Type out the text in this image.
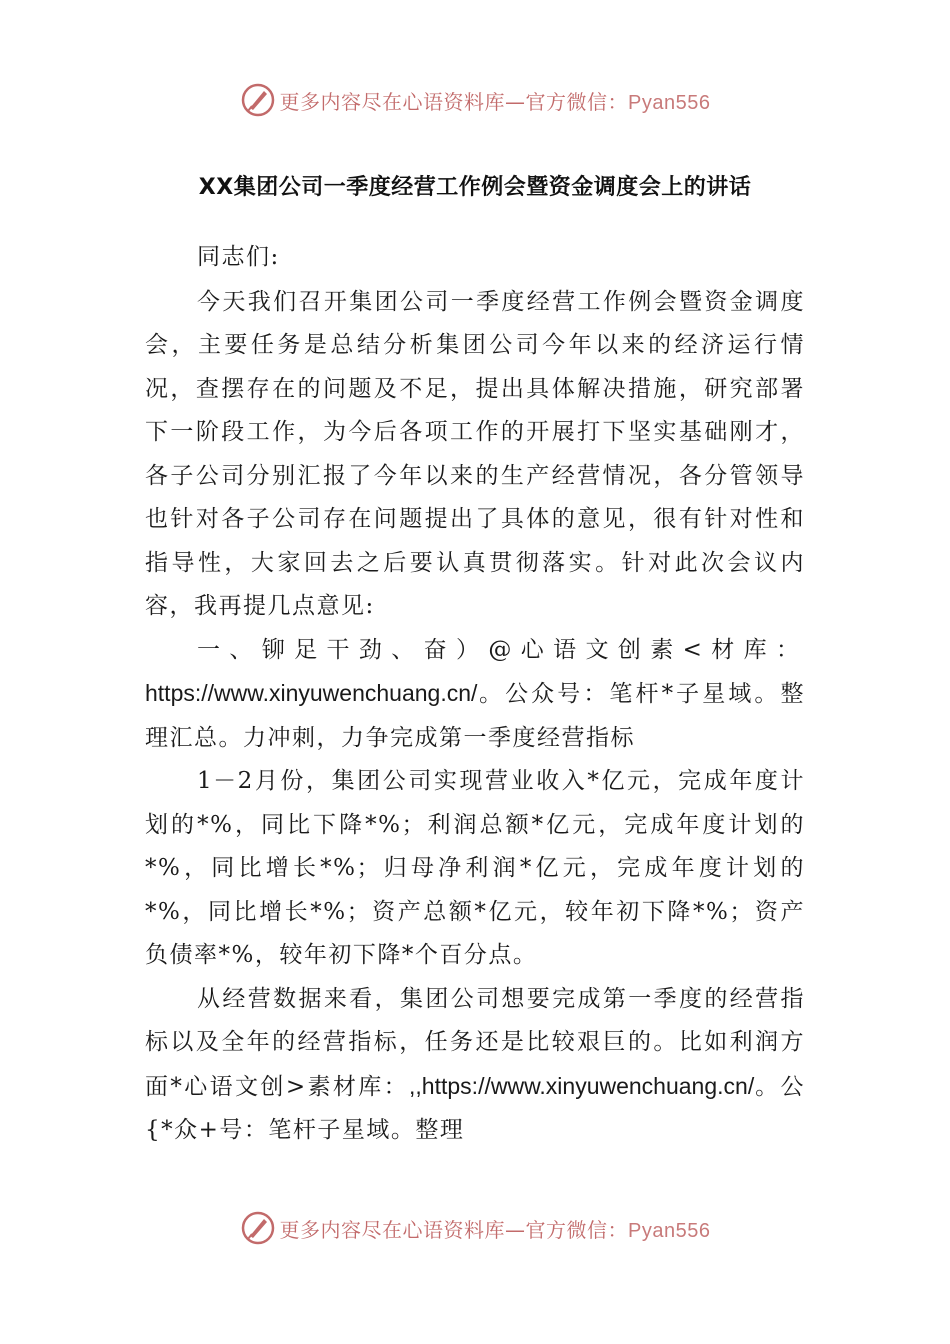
更多内容尽在心语资料库—官方微信：Pyan556
XX集团公司一季度经营工作例会暨资金调度会上的讲话

同志们:

今天我们召开集团公司一季度经营工作例会暨资金调度会，主要任务是总结分析集团公司今年以来的经济运行情况，查摆存在的问题及不足，提出具体解决措施，研究部署下一阶段工作，为今后各项工作的开展打下坚实基础刚才，各子公司分别汇报了今年以来的生产经营情况，各分管领导也针对各子公司存在问题提出了具体的意见，很有针对性和指导性，大家回去之后要认真贯彻落实。针对此次会议内容，我再提几点意见:

一、铆足干劲、奋）@心语文创素<材库：https://www.xinyuwenchuang.cn/。公众号：笔杆*子星域。整理汇总。力冲刺，力争完成第一季度经营指标

1－2月份，集团公司实现营业收入*亿元，完成年度计划的*%，同比下降*%；利润总额*亿元，完成年度计划的*%，同比增长*%；归母净利润*亿元，完成年度计划的*%，同比增长*%；资产总额*亿元，较年初下降*%；资产负债率*%，较年初下降*个百分点。

从经营数据来看，集团公司想要完成第一季度的经营指标以及全年的经营指标，任务还是比较艰巨的。比如利润方面*心语文创>素材库：,,https://www.xinyuwenchuang.cn/。公{*众+号：笔杆子星域。整理

更多内容尽在心语资料库—官方微信：Pyan556
